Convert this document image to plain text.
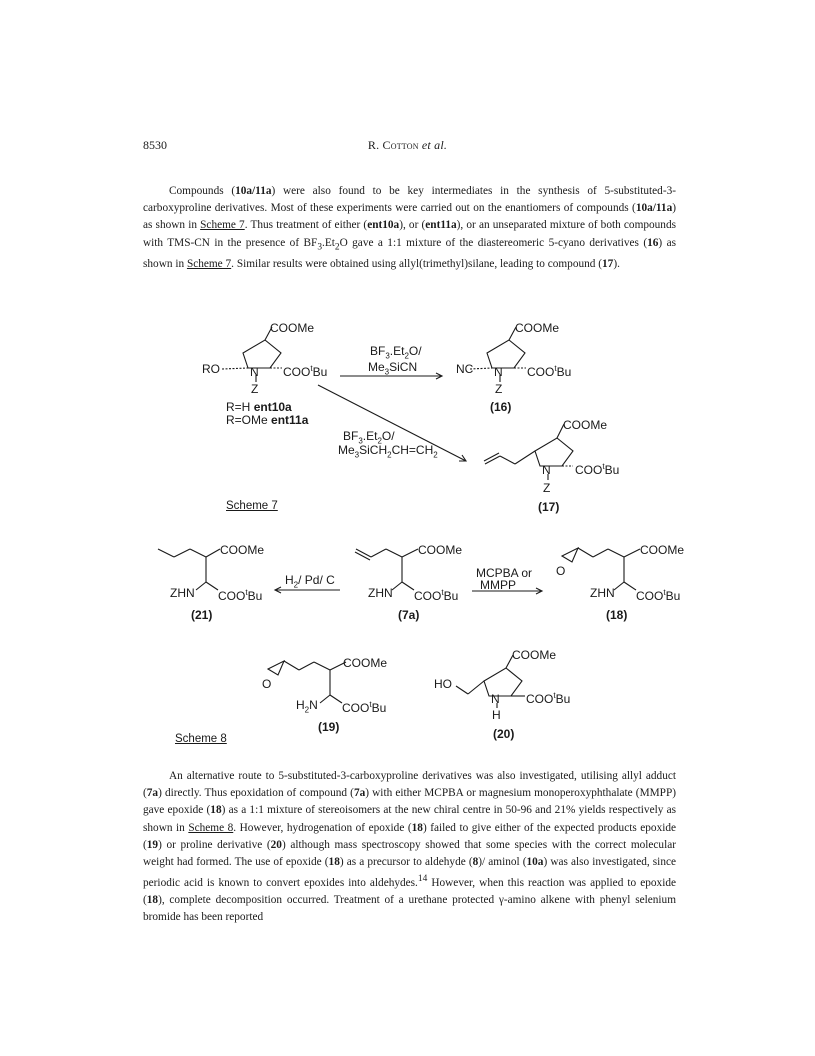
8530	R. Cotton et al.

Compounds (10a/11a) were also found to be key intermediates in the synthesis of 5-substituted-3-carboxyproline derivatives. Most of these experiments were carried out on the enantiomers of compounds (10a/11a) as shown in Scheme 7. Thus treatment of either (ent10a), or (ent11a), or an unseparated mixture of both compounds with TMS-CN in the presence of $BF_3.Et_2O$ gave a 1:1 mixture of the diastereomeric 5-cyano derivatives (16) as shown in Scheme 7. Similar results were obtained using allyl(trimethyl)silane, leading to compound (17).

COOMe
RO	N COO$^t$Bu
Z
R=H ent10a
R=OMe ent11a
$BF_3.Et_2O/$
$Me_3SiCN$
$BF_3.Et_2O/$
$Me_3SiCH_2CH=CH_2$
COOMe
NC N COO$^t$Bu
Z
(16)
COOMe
N COO$^t$Bu
Z
(17)
Scheme 7
COOMe
ZHN COO$^t$Bu
(21)
$H_2/$ Pd/ C
COOMe
ZHN COO$^t$Bu
(7a)
MCPBA or
MMPP
COOMe
O
ZHN COO$^t$Bu
(18)
COOMe
O
$H_2N$ COO$^t$Bu
(19)
COOMe
HO
N COO$^t$Bu
H
(20)
Scheme 8

An alternative route to 5-substituted-3-carboxyproline derivatives was also investigated, utilising allyl adduct (7a) directly. Thus epoxidation of compound (7a) with either MCPBA or magnesium monoperoxyphthalate (MMPP) gave epoxide (18) as a 1:1 mixture of stereoisomers at the new chiral centre in 50-96 and 21% yields respectively as shown in Scheme 8. However, hydrogenation of epoxide (18) failed to give either of the expected products epoxide (19) or proline derivative (20) although mass spectroscopy showed that some species with the correct molecular weight had formed. The use of epoxide (18) as a precursor to aldehyde (8)/ aminol (10a) was also investigated, since periodic acid is known to convert epoxides into aldehydes.$^{14}$ However, when this reaction was applied to epoxide (18), complete decomposition occurred. Treatment of a urethane protected γ-amino alkene with phenyl selenium bromide has been reported
